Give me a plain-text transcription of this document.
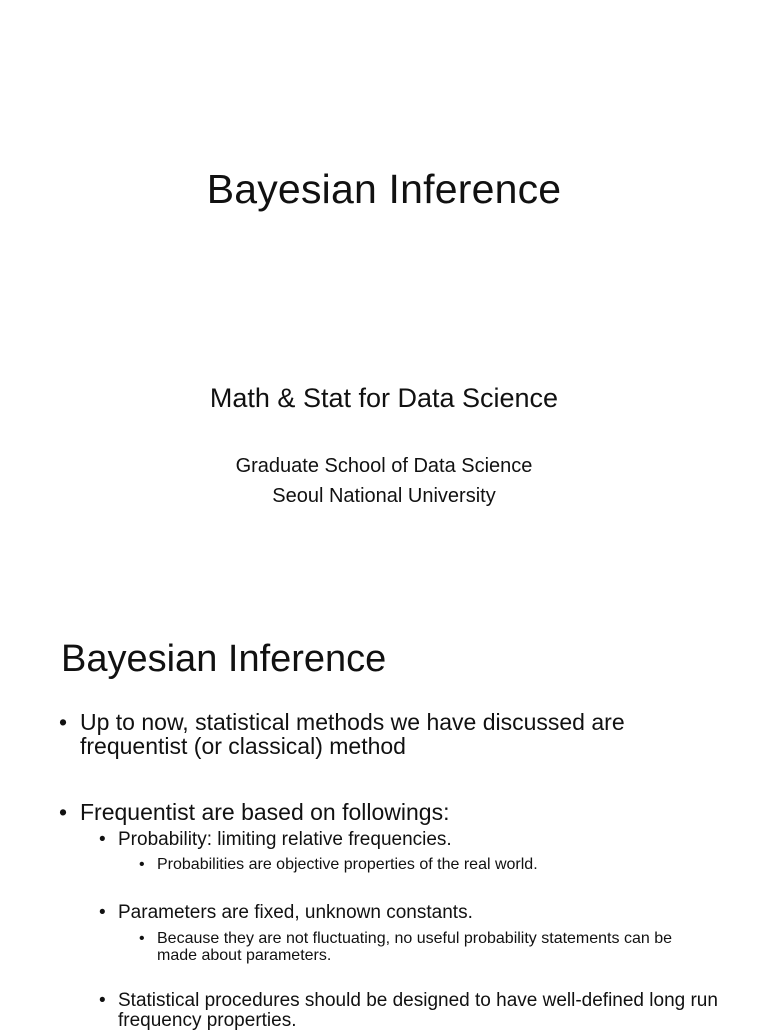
Bayesian Inference
Math & Stat for Data Science
Graduate School of Data Science
Seoul National University
Bayesian Inference
• Up to now, statistical methods we have discussed are frequentist (or classical) method
• Frequentist are based on followings:
• Probability: limiting relative frequencies.
• Probabilities are objective properties of the real world.
• Parameters are fixed, unknown constants.
• Because they are not fluctuating, no useful probability statements can be made about parameters.
• Statistical procedures should be designed to have well-defined long run frequency properties.
